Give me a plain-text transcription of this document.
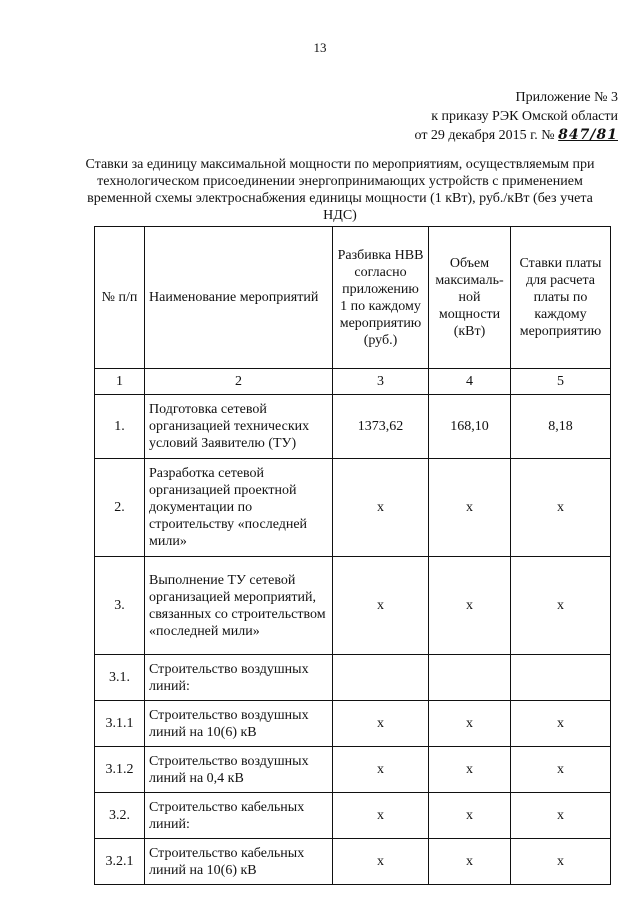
13
Приложение № 3
к приказу РЭК Омской области
от 29 декабря 2015 г. № 847/81
Ставки за единицу максимальной мощности по мероприятиям, осуществляемым при технологическом присоединении энергопринимающих устройств с применением временной схемы электроснабжения единицы мощности (1 кВт), руб./кВт (без учета НДС)
№ п/п	Наименование мероприятий	Разбивка НВВ согласно приложению 1 по каждому мероприятию (руб.)	Объем максималь-ной мощности (кВт)	Ставки платы для расчета платы по каждому мероприятию
1	2	3	4	5
1.	Подготовка сетевой организацией технических условий Заявителю (ТУ)	1373,62	168,10	8,18
2.	Разработка сетевой организацией проектной документации по строительству «последней мили»	x	x	x
3.	Выполнение ТУ сетевой организацией мероприятий, связанных со строительством «последней мили»	x	x	x
3.1.	Строительство воздушных линий:			
3.1.1	Строительство воздушных линий на 10(6) кВ	x	x	x
3.1.2	Строительство воздушных линий на 0,4 кВ	x	x	x
3.2.	Строительство кабельных линий:	x	x	x
3.2.1	Строительство кабельных линий на 10(6) кВ	x	x	x
